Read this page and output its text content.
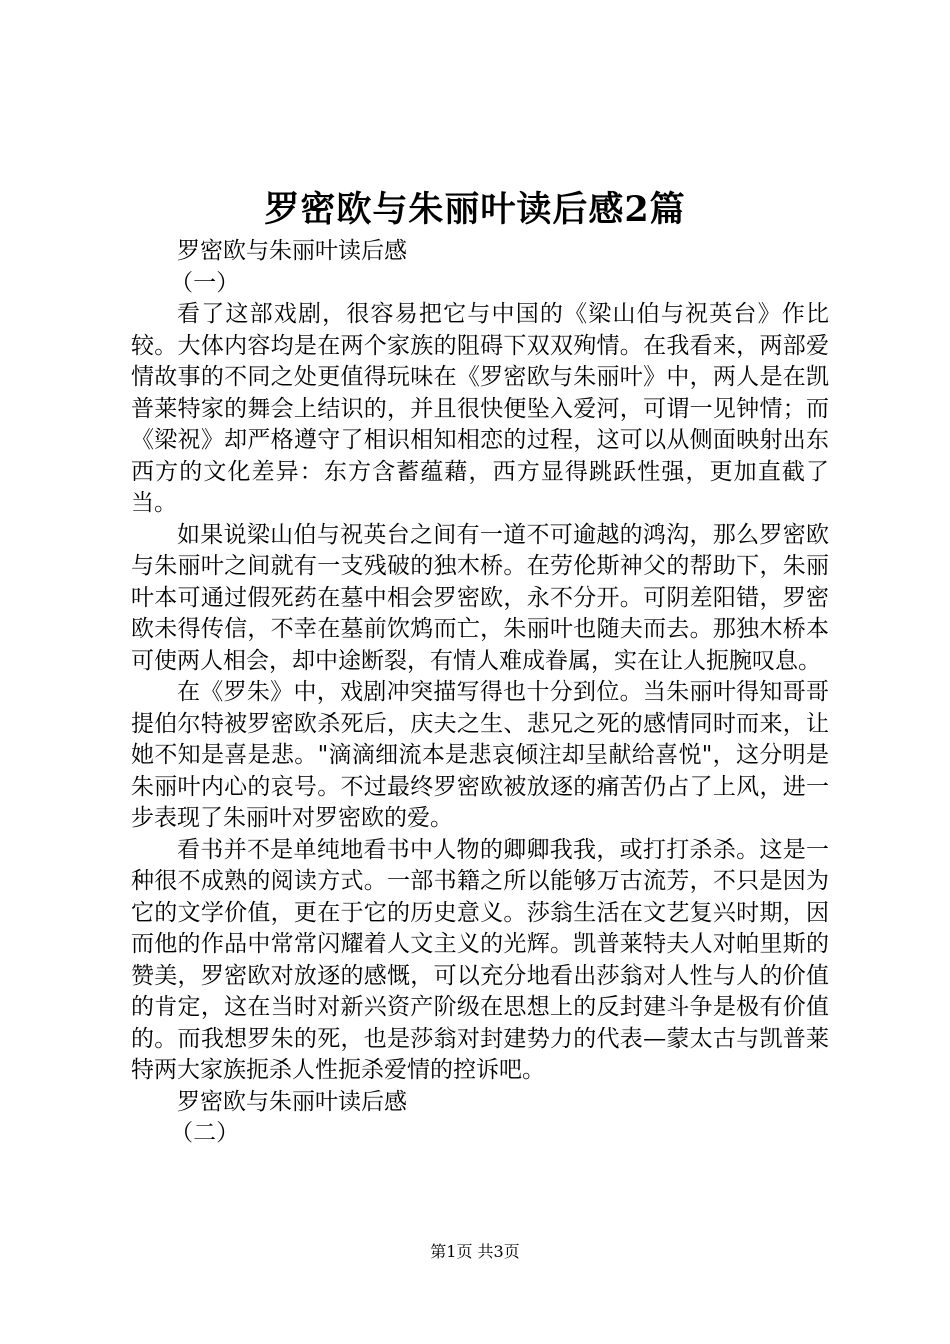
罗密欧与朱丽叶读后感2篇

罗密欧与朱丽叶读后感

（一）

看了这部戏剧，很容易把它与中国的《梁山伯与祝英台》作比较。大体内容均是在两个家族的阻碍下双双殉情。在我看来，两部爱情故事的不同之处更值得玩味在《罗密欧与朱丽叶》中，两人是在凯普莱特家的舞会上结识的，并且很快便坠入爱河，可谓一见钟情；而《梁祝》却严格遵守了相识相知相恋的过程，这可以从侧面映射出东西方的文化差异：东方含蓄蕴藉，西方显得跳跃性强，更加直截了当。

如果说梁山伯与祝英台之间有一道不可逾越的鸿沟，那么罗密欧与朱丽叶之间就有一支残破的独木桥。在劳伦斯神父的帮助下，朱丽叶本可通过假死药在墓中相会罗密欧，永不分开。可阴差阳错，罗密欧未得传信，不幸在墓前饮鸩而亡，朱丽叶也随夫而去。那独木桥本可使两人相会，却中途断裂，有情人难成眷属，实在让人扼腕叹息。

在《罗朱》中，戏剧冲突描写得也十分到位。当朱丽叶得知哥哥提伯尔特被罗密欧杀死后，庆夫之生、悲兄之死的感情同时而来，让她不知是喜是悲。"滴滴细流本是悲哀倾注却呈献给喜悦"，这分明是朱丽叶内心的哀号。不过最终罗密欧被放逐的痛苦仍占了上风，进一步表现了朱丽叶对罗密欧的爱。

看书并不是单纯地看书中人物的卿卿我我，或打打杀杀。这是一种很不成熟的阅读方式。一部书籍之所以能够万古流芳，不只是因为它的文学价值，更在于它的历史意义。莎翁生活在文艺复兴时期，因而他的作品中常常闪耀着人文主义的光辉。凯普莱特夫人对帕里斯的赞美，罗密欧对放逐的感慨，可以充分地看出莎翁对人性与人的价值的肯定，这在当时对新兴资产阶级在思想上的反封建斗争是极有价值的。而我想罗朱的死，也是莎翁对封建势力的代表—蒙太古与凯普莱特两大家族扼杀人性扼杀爱情的控诉吧。

罗密欧与朱丽叶读后感

（二）

第1页 共3页
